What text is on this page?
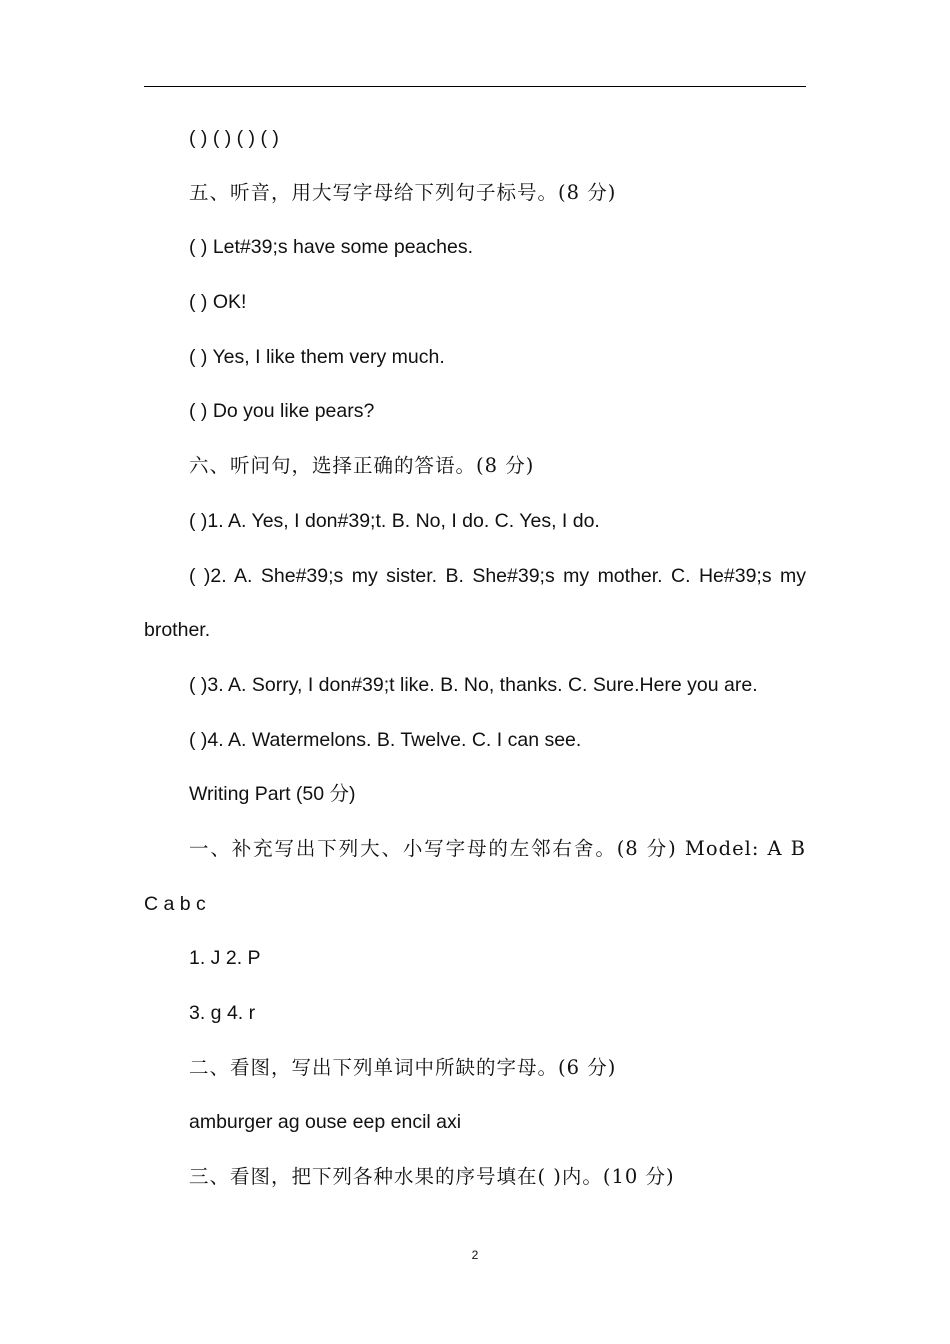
( ) ( ) ( ) ( )
五、听音，用大写字母给下列句子标号。(8 分)
( ) Let#39;s have some peaches.
( ) OK!
( ) Yes, I like them very much.
( ) Do you like pears?
六、听问句，选择正确的答语。(8 分)
( )1. A. Yes, I don#39;t. B. No, I do. C. Yes, I do.
( )2. A. She#39;s my sister. B. She#39;s my mother. C. He#39;s my
brother.
( )3. A. Sorry, I don#39;t like. B. No, thanks. C. Sure.Here you are.
( )4. A. Watermelons. B. Twelve. C. I can see.
Writing Part (50 分)
一、补充写出下列大、小写字母的左邻右舍。(8 分) Model: A B
C a b c
1. J 2. P
3. g 4. r
二、看图，写出下列单词中所缺的字母。(6 分)
amburger ag ouse eep encil axi
三、看图，把下列各种水果的序号填在( )内。(10 分)
2
